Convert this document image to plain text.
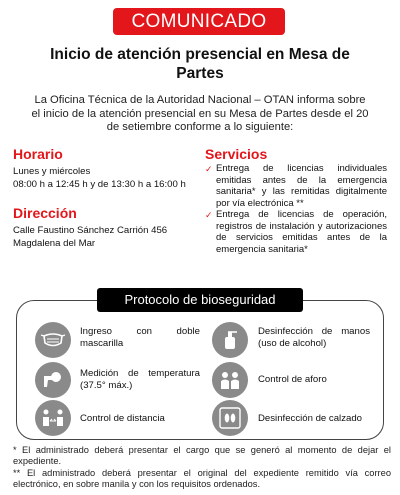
COMUNICADO
Inicio de atención presencial en Mesa de Partes
La Oficina Técnica de la Autoridad Nacional – OTAN informa sobre el inicio de la atención presencial en su Mesa de Partes desde el 20 de setiembre conforme a lo siguiente:
Horario
Lunes y miércoles
08:00 h a 12:45 h y de 13:30 h a 16:00 h
Dirección
Calle Faustino Sánchez Carrión 456
Magdalena del Mar
Servicios
✓ Entrega de licencias individuales emitidas antes de la emergencia sanitaria* y las remitidas digitalmente por vía electrónica **
✓ Entrega de licencias de operación, registros de instalación y autorizaciones de servicios emitidas antes de la emergencia sanitaria*
Protocolo de bioseguridad
Ingreso con doble mascarilla
Desinfección de manos (uso de alcohol)
Medición de temperatura (37.5° máx.)
Control de aforo
Control de distancia	Desinfección de calzado
* El administrado deberá presentar el cargo que se generó al momento de dejar el expediente.
** El administrado deberá presentar el original del expediente remitido vía correo electrónico, en sobre manila y con los requisitos ordenados.
